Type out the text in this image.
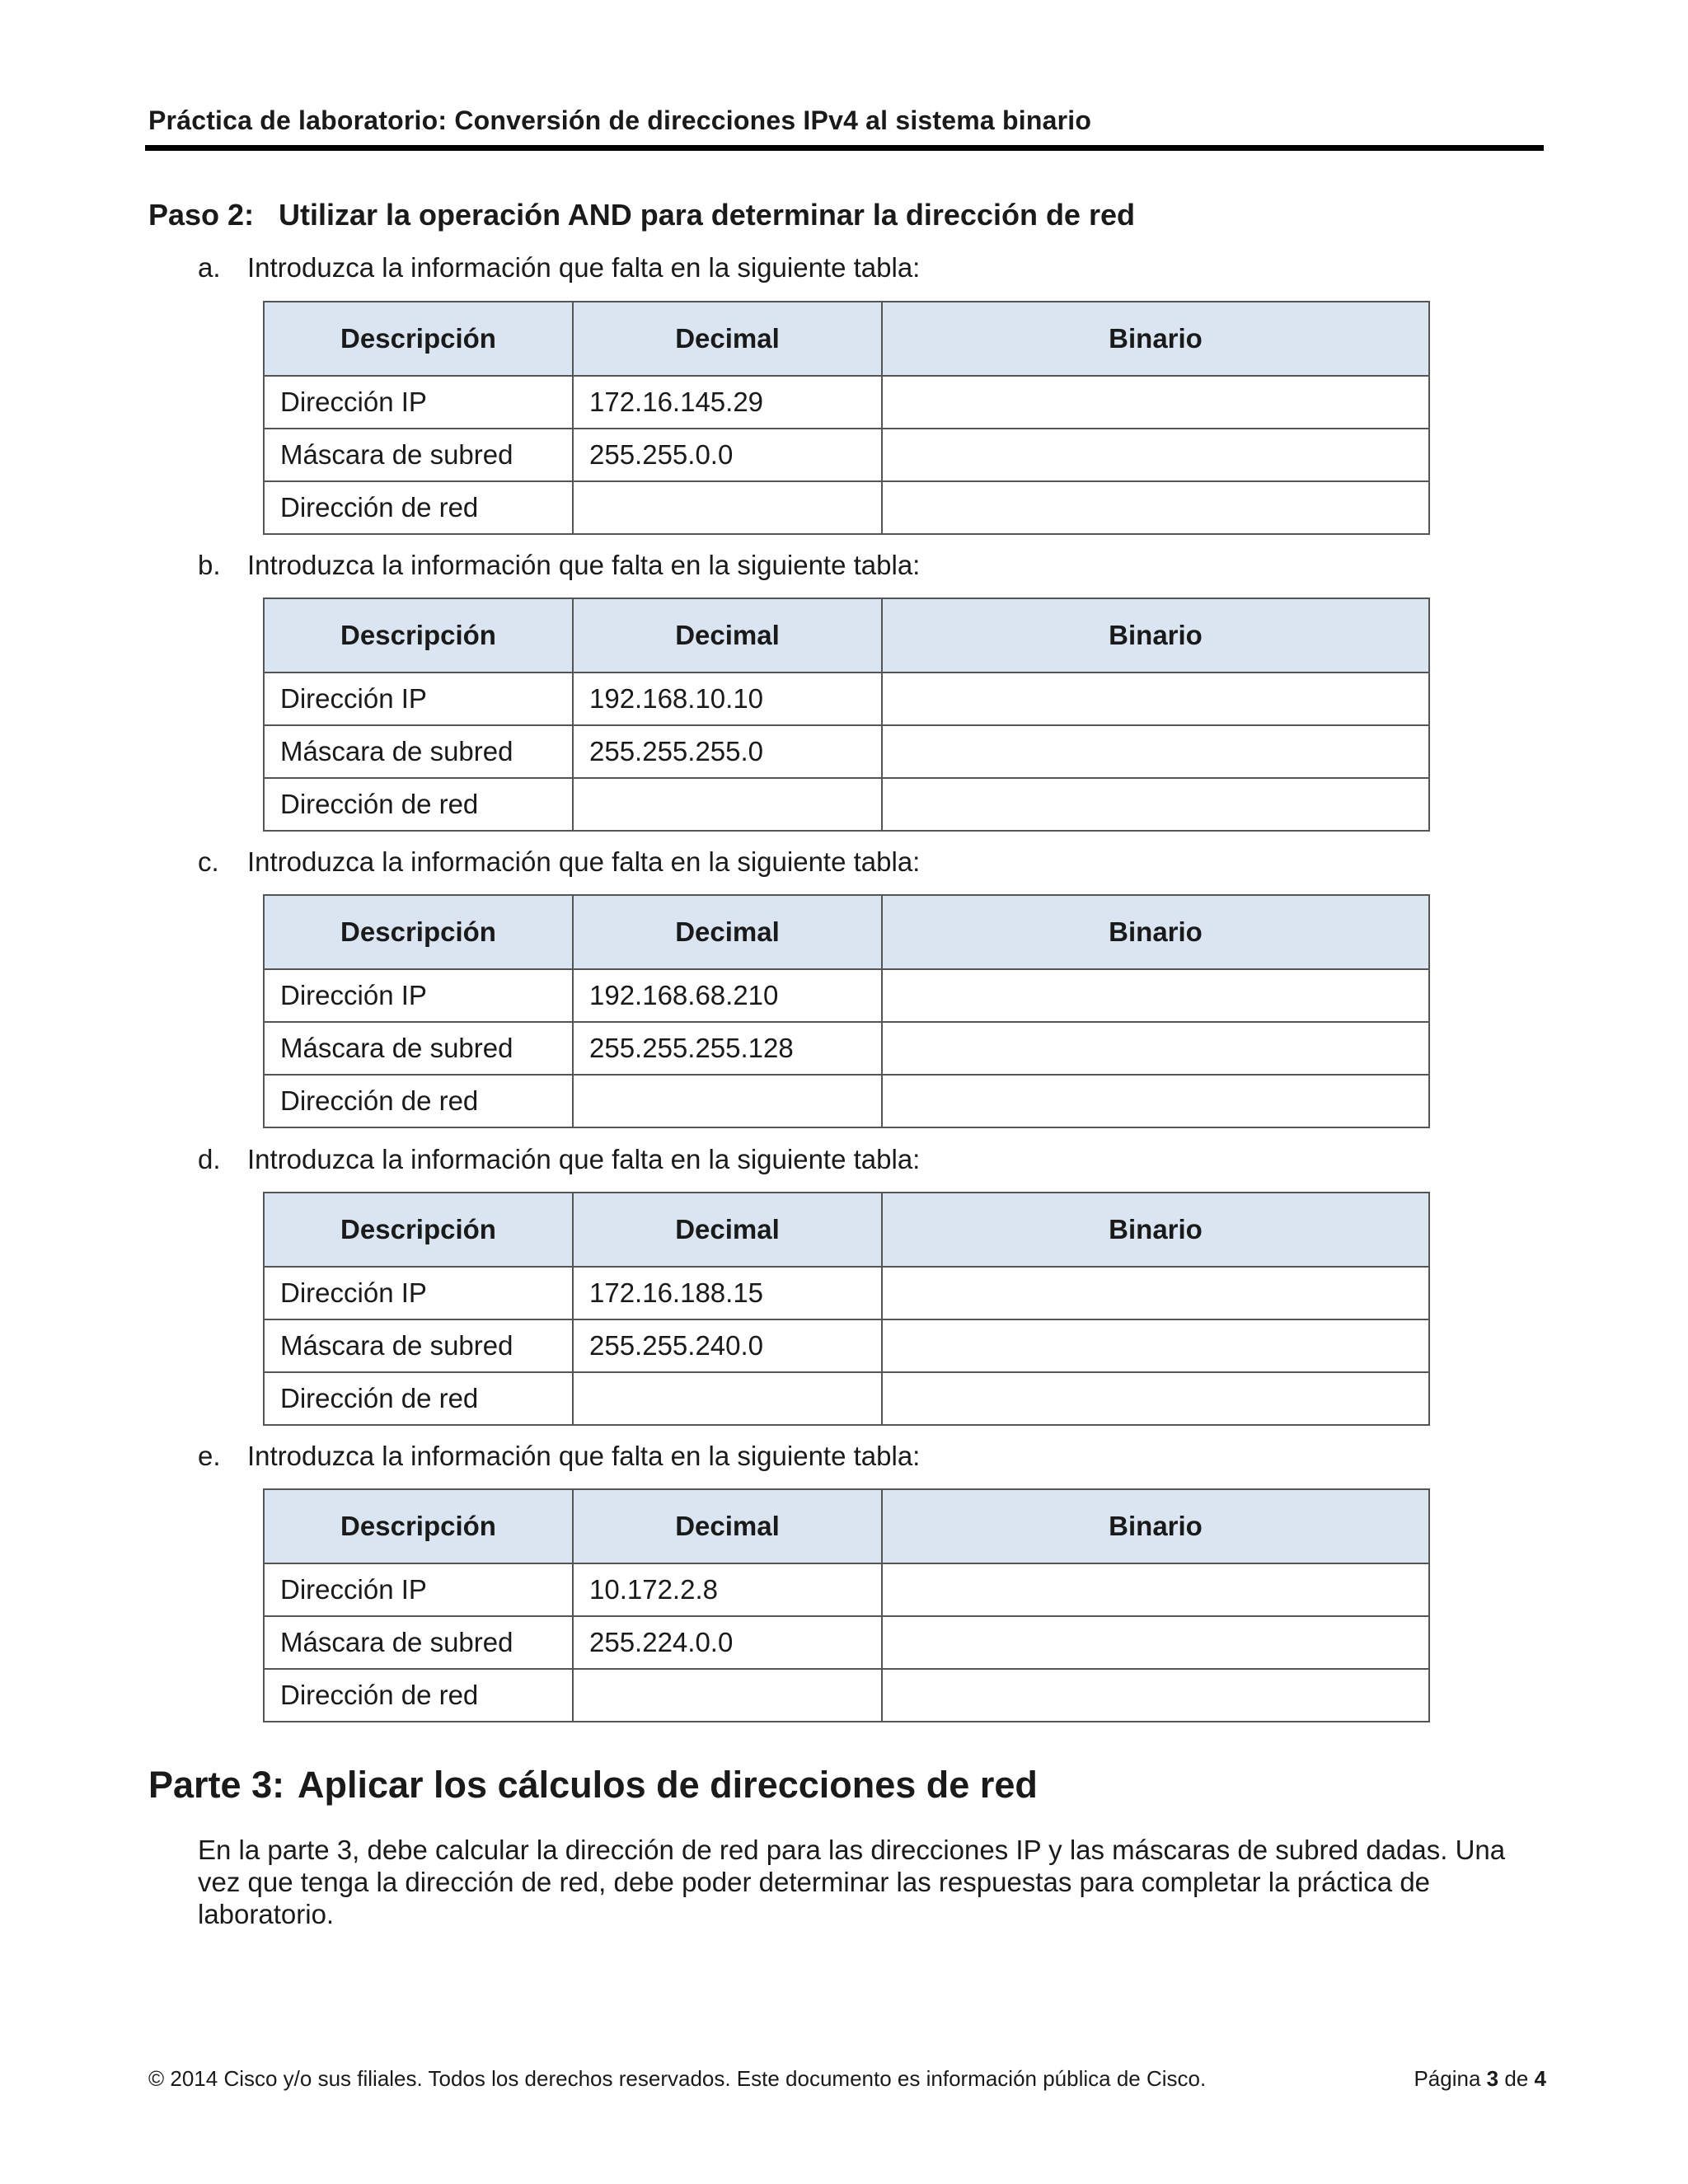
Práctica de laboratorio: Conversión de direcciones IPv4 al sistema binario
Paso 2: Utilizar la operación AND para determinar la dirección de red
a. Introduzca la información que falta en la siguiente tabla:
Descripción	Decimal	Binario
Dirección IP	172.16.145.29	
Máscara de subred	255.255.0.0	
Dirección de red		
b. Introduzca la información que falta en la siguiente tabla:
Descripción	Decimal	Binario
Dirección IP	192.168.10.10	
Máscara de subred	255.255.255.0	
Dirección de red		
c.	Introduzca la información que falta en la siguiente tabla:
Descripción	Decimal	Binario
Dirección IP	192.168.68.210	
Máscara de subred	255.255.255.128	
Dirección de red		
d. Introduzca la información que falta en la siguiente tabla:
Descripción	Decimal	Binario
Dirección IP	172.16.188.15	
Máscara de subred	255.255.240.0	
Dirección de red		
e. Introduzca la información que falta en la siguiente tabla:
Descripción	Decimal	Binario
Dirección IP	10.172.2.8	
Máscara de subred	255.224.0.0	
Dirección de red		
Parte 3: Aplicar los cálculos de direcciones de red
En la parte 3, debe calcular la dirección de red para las direcciones IP y las máscaras de subred dadas. Una vez que tenga la dirección de red, debe poder determinar las respuestas para completar la práctica de laboratorio.
© 2014 Cisco y/o sus filiales. Todos los derechos reservados. Este documento es información pública de Cisco.	Página 3 de 4
